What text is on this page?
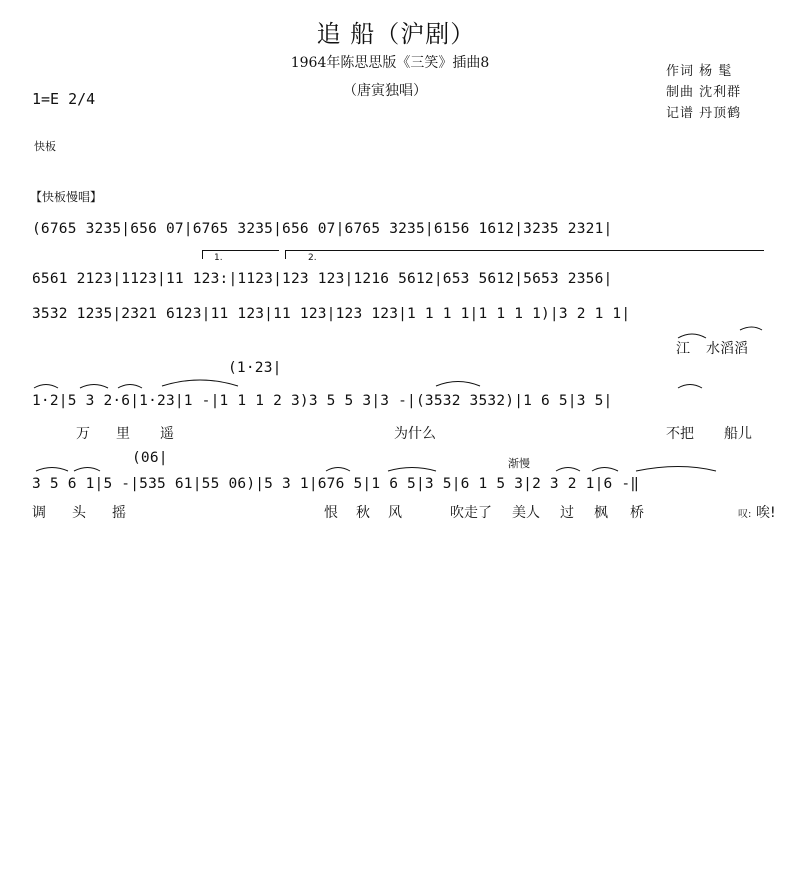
追 船（沪剧）
1964年陈思思版《三笑》插曲8
（唐寅独唱）
作词 杨 髦
制曲 沈利群
记谱 丹顶鹤
1=E 2/4
快板
【快板慢唱】
1.	2.
(6765 3235|656 07|6765 3235|656 07|6765 3235|6156 1612|3235 2321|
6561 2123|1123|11 123:|1123|123 123|1216 5612|653 5612|5653 2356|
3532 1235|2321 6123|11 123|11 123|123 123|1 1 1 1|1 1 1 1)|3 2 1 1|
(1·23|
1·2|5 3 2·6|1·23|1 -|1 1 1 2 3)3 5 5 3|3 -|(3532 3532)|1 6 5|3 5|
(06|	渐慢
3 5 6 1|5 -|535 61|55 06)|5 3 1|676 5|1 6 5|3 5|6 1 5 3|2 3 2 1|6 -‖
江 水滔滔
万 里 遥	为什么	不把 船儿
调 头 摇	恨 秋 风	吹走了 美人 过 枫 桥	叹: 唉!
